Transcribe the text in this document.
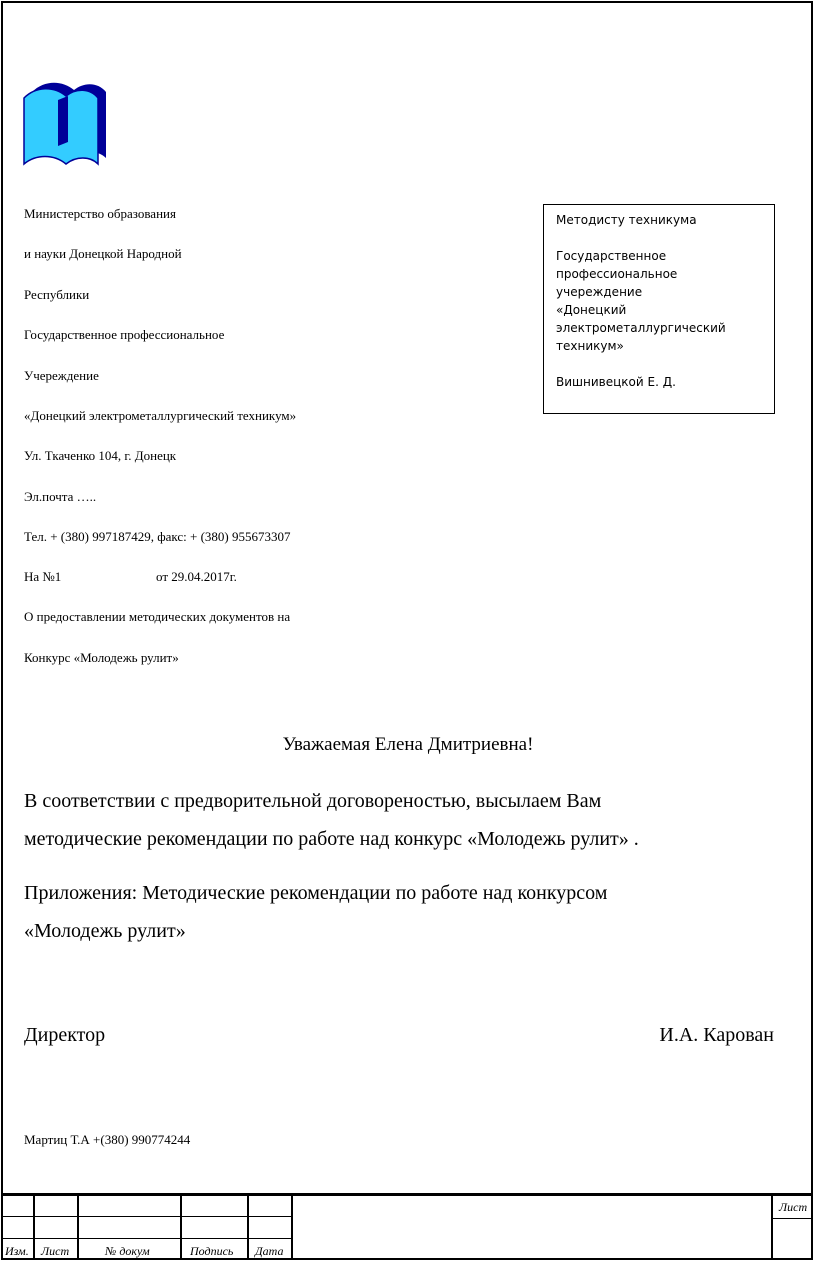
Министерство образования
и науки Донецкой Народной
Республики
Государственное профессиональное
Учереждение
«Донецкий электрометаллургический техникум»
Ул. Ткаченко 104, г. Донецк
Эл.почта …..
Тел. + (380) 997187429, факс: + (380) 955673307
На №1	от 29.04.2017г.
О предоставлении методических документов на
Конкурс «Молодежь рулит»

Методисту техникума

Государственное
профессиональное учереждение
«Донецкий
электрометаллургический
техникум»

Вишнивецкой Е. Д.

Уважаемая Елена Дмитриевна!
В соответствии с предворительной договореностью, высылаем Вам
методические рекомендации по работе над конкурс «Молодежь рулит» .
Приложения: Методические рекомендации по работе над конкурсом
«Молодежь рулит»
Директор	И.А. Карован
Мартиц Т.А +(380) 990774244
Изм. Лист	№ докум	Подпись Дата
Лист
